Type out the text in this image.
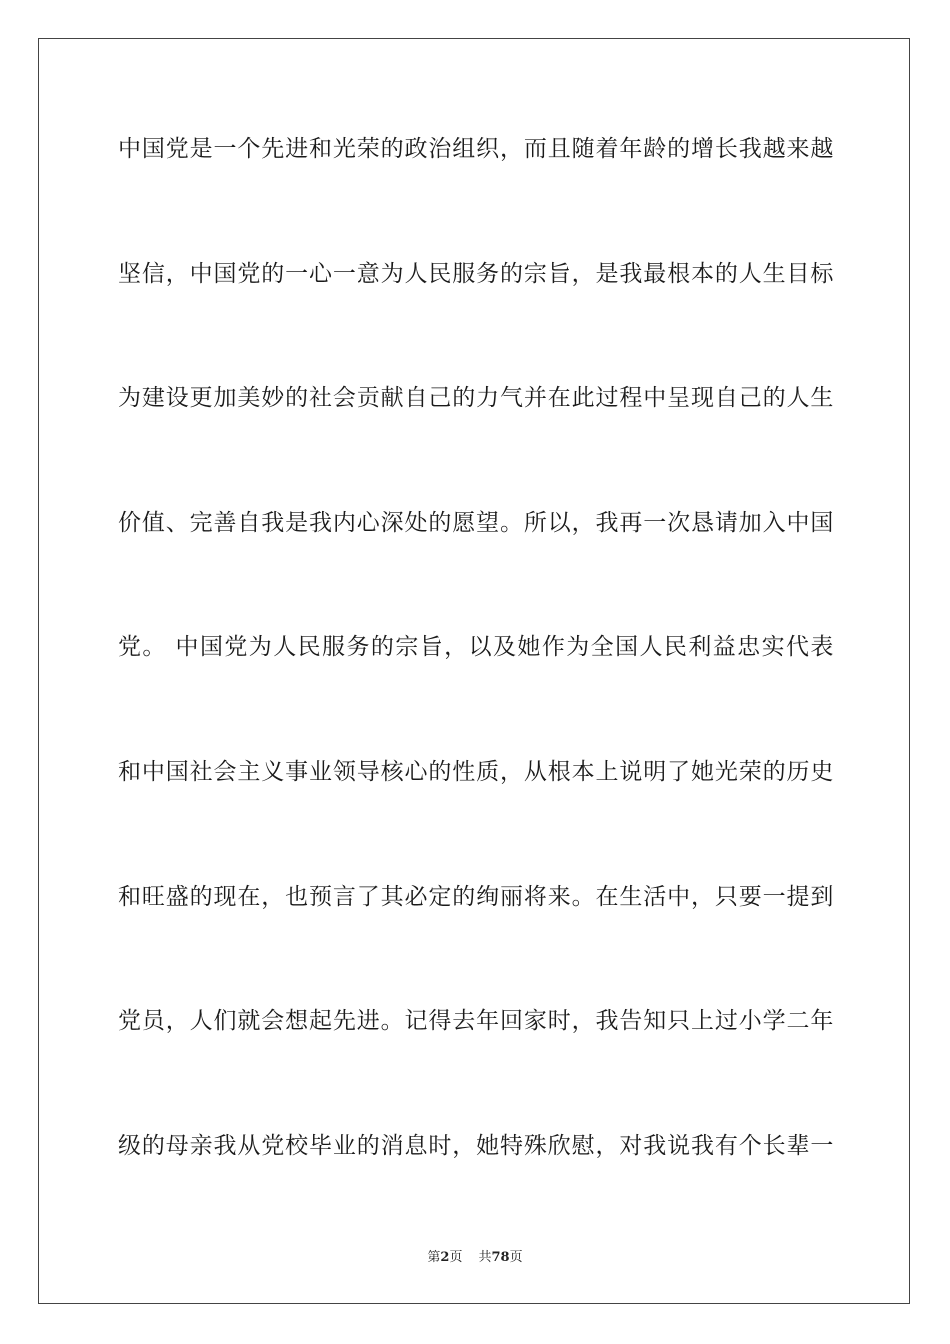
中国党是一个先进和光荣的政治组织，而且随着年龄的增长我越来越
坚信，中国党的一心一意为人民服务的宗旨，是我最根本的人生目标
为建设更加美妙的社会贡献自己的力气并在此过程中呈现自己的人生
价值、完善自我是我内心深处的愿望。所以，我再一次恳请加入中国
党。 中国党为人民服务的宗旨，以及她作为全国人民利益忠实代表
和中国社会主义事业领导核心的性质，从根本上说明了她光荣的历史
和旺盛的现在，也预言了其必定的绚丽将来。在生活中，只要一提到
党员，人们就会想起先进。记得去年回家时，我告知只上过小学二年
级的母亲我从党校毕业的消息时，她特殊欣慰，对我说我有个长辈一
第2页 共78页
